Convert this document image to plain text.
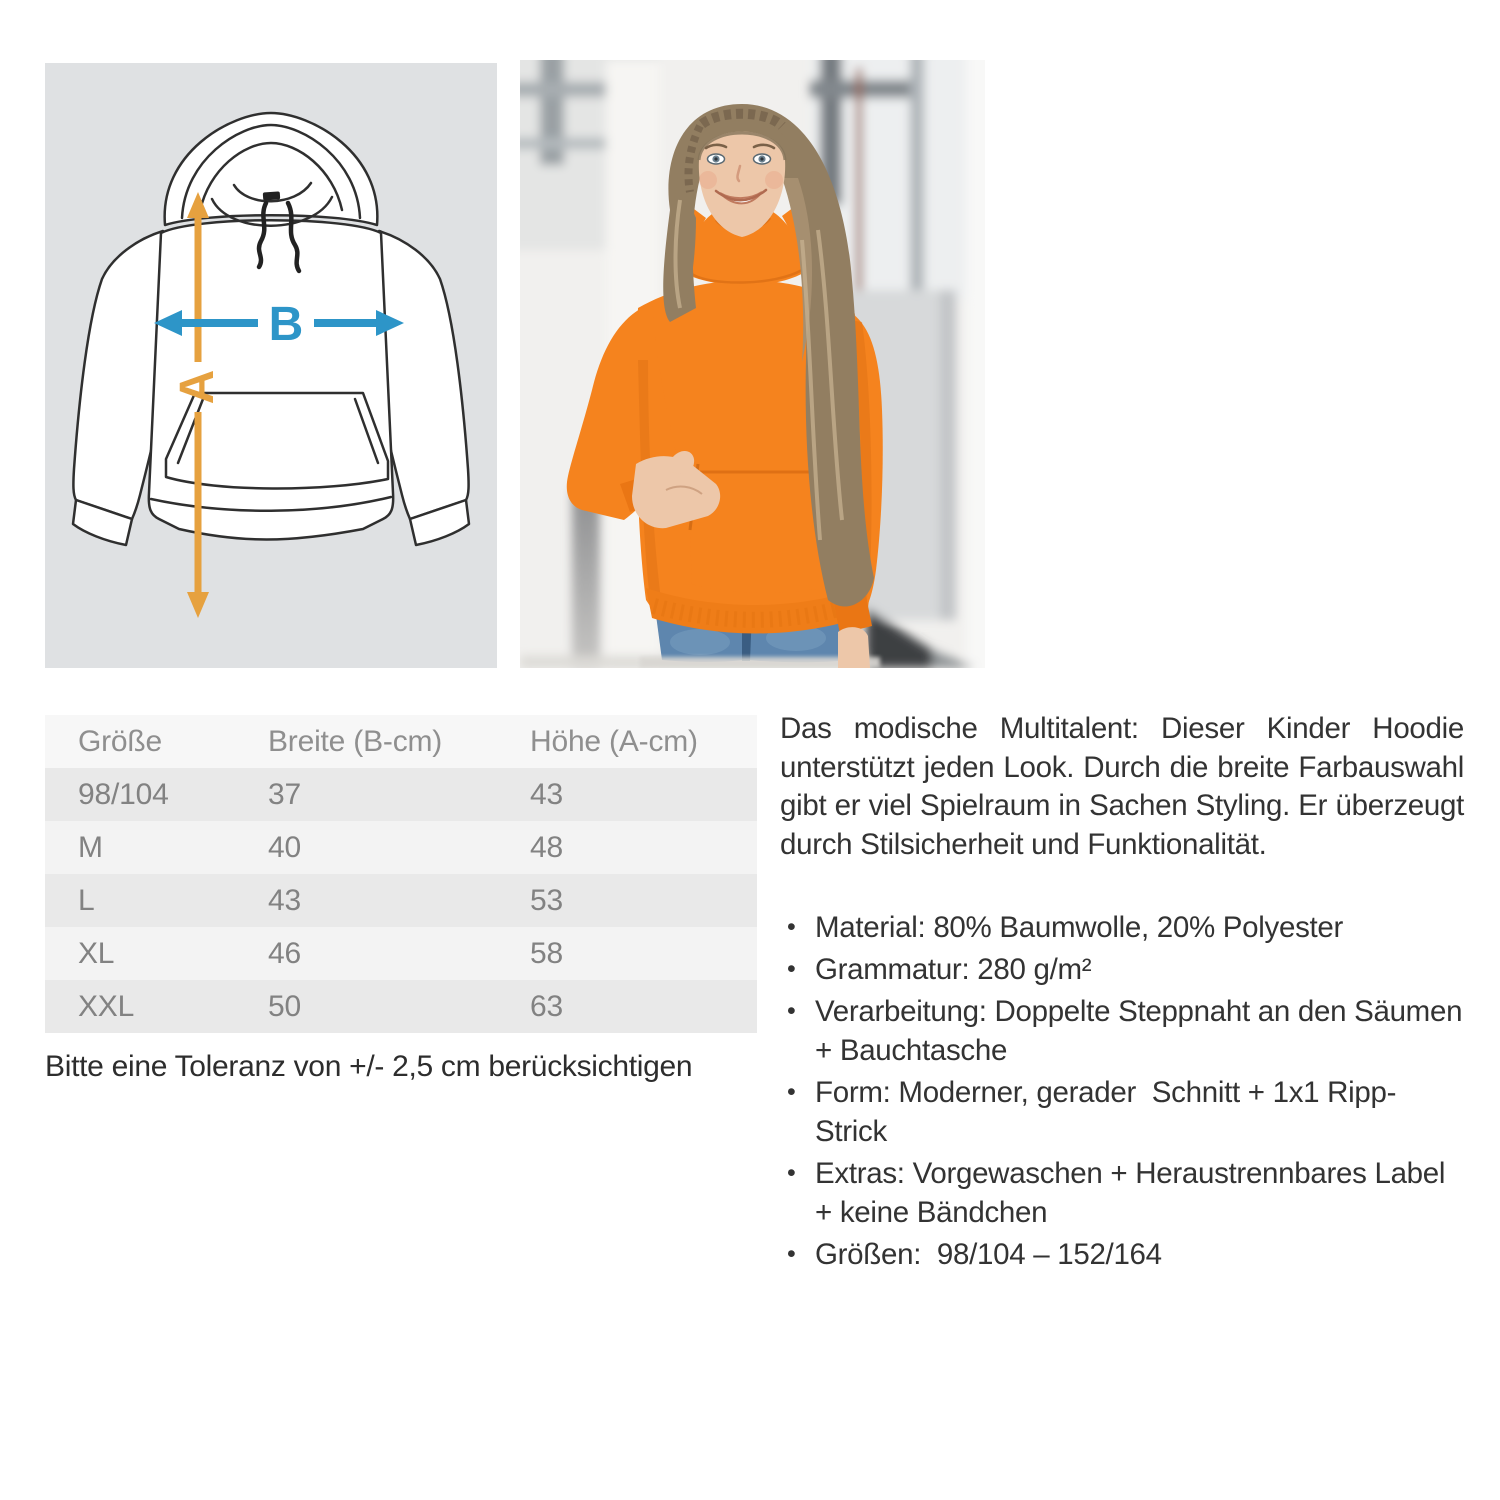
A
B
Größe	Breite (B-cm)	Höhe (A-cm)
98/104	37	43
M	40	48
L	43	53
XL	46	58
XXL	50	63
Bitte eine Toleranz von +/- 2,5 cm berücksichtigen

Das modische Multitalent: Dieser Kinder Hoodie unterstützt jeden Look. Durch die breite Farbauswahl gibt er viel Spielraum in Sachen Styling. Er überzeugt durch Stilsicherheit und Funktionalität.

• Material: 80% Baumwolle, 20% Polyester
• Grammatur: 280 g/m²
• Verarbeitung: Doppelte Steppnaht an den Säumen + Bauchtasche
• Form: Moderner, gerader  Schnitt + 1x1 Ripp-Strick
• Extras: Vorgewaschen + Heraustrennbares Label + keine Bändchen
• Größen:  98/104 – 152/164
